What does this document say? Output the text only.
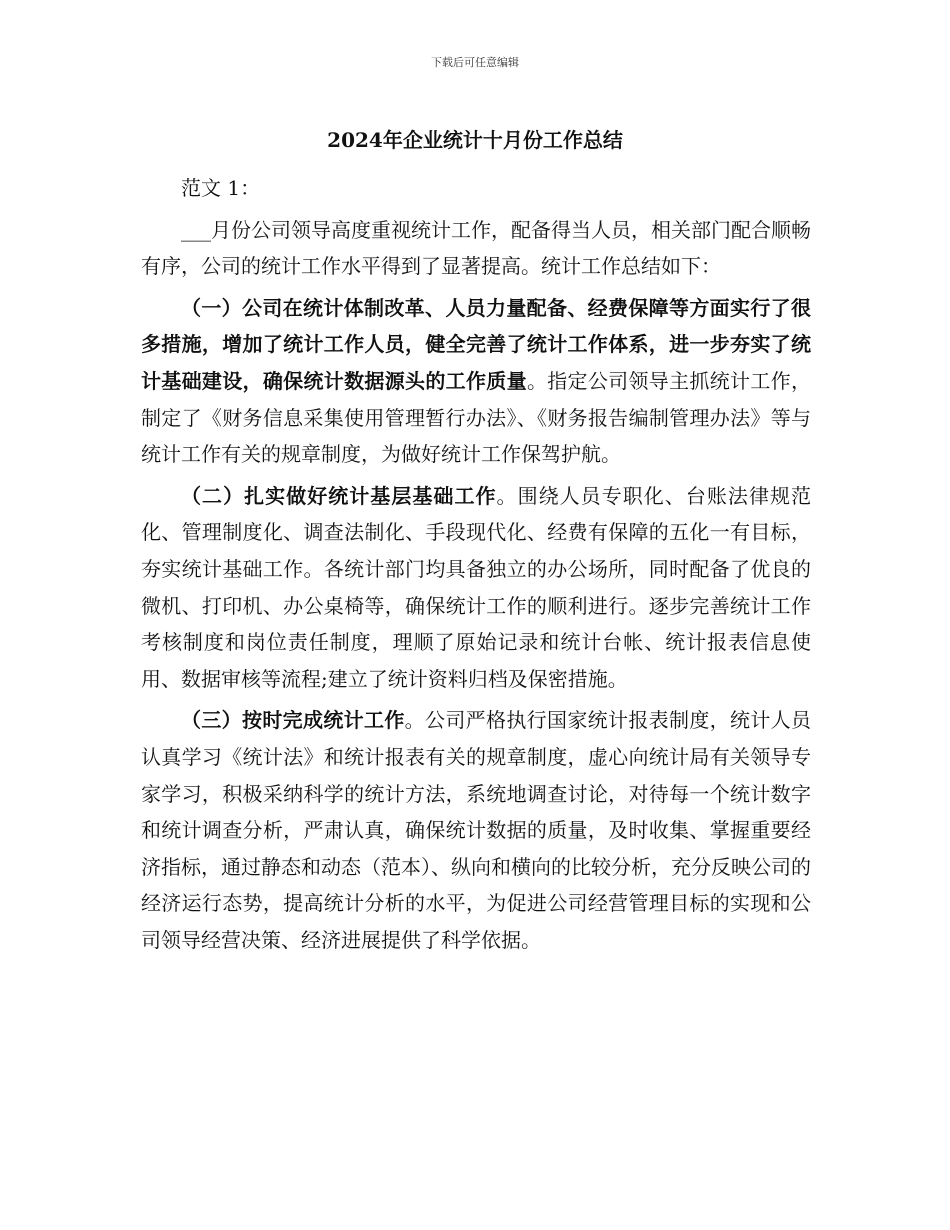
下载后可任意编辑
2024年企业统计十月份工作总结

范文 1：

___月份公司领导高度重视统计工作，配备得当人员，相关部门配合顺畅有序，公司的统计工作水平得到了显著提高。统计工作总结如下：

（一）公司在统计体制改革、人员力量配备、经费保障等方面实行了很多措施，增加了统计工作人员，健全完善了统计工作体系，进一步夯实了统计基础建设，确保统计数据源头的工作质量。指定公司领导主抓统计工作，制定了《财务信息采集使用管理暂行办法》、《财务报告编制管理办法》等与统计工作有关的规章制度，为做好统计工作保驾护航。

（二）扎实做好统计基层基础工作。围绕人员专职化、台账法律规范化、管理制度化、调查法制化、手段现代化、经费有保障的五化一有目标，夯实统计基础工作。各统计部门均具备独立的办公场所，同时配备了优良的微机、打印机、办公桌椅等，确保统计工作的顺利进行。逐步完善统计工作考核制度和岗位责任制度，理顺了原始记录和统计台帐、统计报表信息使用、数据审核等流程;建立了统计资料归档及保密措施。

（三）按时完成统计工作。公司严格执行国家统计报表制度，统计人员认真学习《统计法》和统计报表有关的规章制度，虚心向统计局有关领导专家学习，积极采纳科学的统计方法，系统地调查讨论，对待每一个统计数字和统计调查分析，严肃认真，确保统计数据的质量，及时收集、掌握重要经济指标，通过静态和动态（范本）、纵向和横向的比较分析，充分反映公司的经济运行态势，提高统计分析的水平，为促进公司经营管理目标的实现和公司领导经营决策、经济进展提供了科学依据。
